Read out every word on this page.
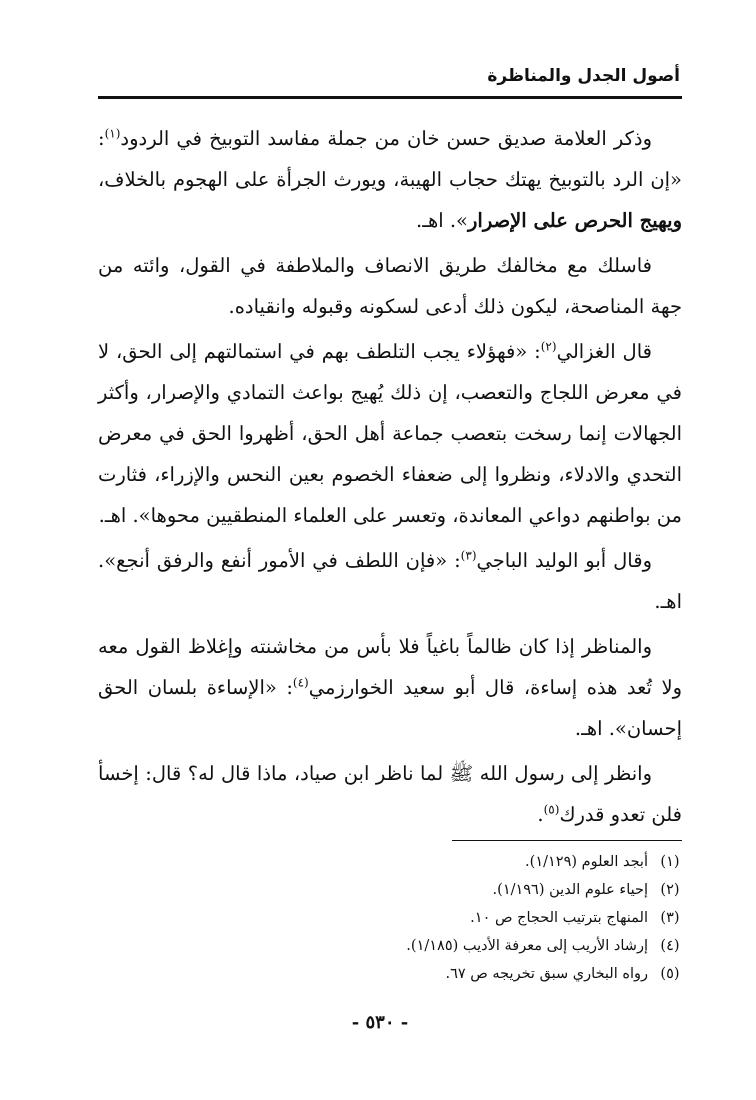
أصول الجدل والمناظرة

وذكر العلامة صديق حسن خان من جملة مفاسد التوبيخ في الردود$^{(١)}$: «إن الرد بالتوبيخ يهتك حجاب الهيبة، ويورث الجرأة على الهجوم بالخلاف، ويهيج الحرص على الإصرار». اهـ.

فاسلك مع مخالفك طريق الانصاف والملاطفة في القول، وائته من جهة المناصحة، ليكون ذلك أدعى لسكونه وقبوله وانقياده.

قال الغزالي$^{(٢)}$: «فهؤلاء يجب التلطف بهم في استمالتهم إلى الحق، لا في معرض اللجاج والتعصب، إن ذلك يُهيج بواعث التمادي والإصرار، وأكثر الجهالات إنما رسخت بتعصب جماعة أهل الحق، أظهروا الحق في معرض التحدي والادلاء، ونظروا إلى ضعفاء الخصوم بعين النحس والإزراء، فثارت من بواطنهم دواعي المعاندة، وتعسر على العلماء المنطقيين محوها». اهـ.

وقال أبو الوليد الباجي$^{(٣)}$: «فإن اللطف في الأمور أنفع والرفق أنجع». اهـ.

والمناظر إذا كان ظالماً باغياً فلا بأس من مخاشنته وإغلاظ القول معه ولا تُعد هذه إساءة، قال أبو سعيد الخوارزمي$^{(٤)}$: «الإساءة بلسان الحق إحسان». اهـ.

وانظر إلى رسول الله ﷺ لما ناظر ابن صياد، ماذا قال له؟ قال: إخسأ فلن تعدو قدرك$^{(٥)}$.

(١)
أبجد العلوم (١/١٢٩).
(٢)
إحياء علوم الدين (١/١٩٦).
(٣)
المنهاج بترتيب الحجاج ص ١٠.
(٤)
إرشاد الأريب إلى معرفة الأديب (١/١٨٥).
(٥)
رواه البخاري سبق تخريجه ص ٦٧.
- ٥٣٠ -
